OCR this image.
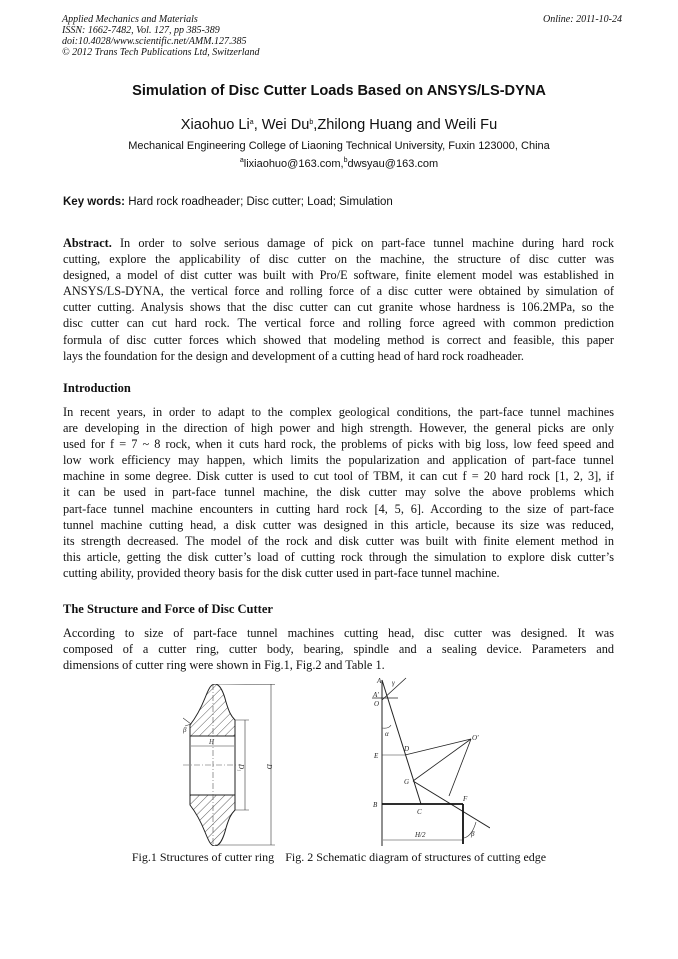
Applied Mechanics and Materials
ISSN: 1662-7482, Vol. 127, pp 385-389
doi:10.4028/www.scientific.net/AMM.127.385
© 2012 Trans Tech Publications Ltd, Switzerland
Online: 2011-10-24
Simulation of Disc Cutter Loads Based on ANSYS/LS-DYNA
Xiaohuo Li$^a$, Wei Du$^b$,Zhilong Huang and Weili Fu
Mechanical Engineering College of Liaoning Technical University, Fuxin 123000, China
$^a$lixiaohuo@163.com,$^b$dwsyau@163.com
Key words: Hard rock roadheader; Disc cutter; Load; Simulation
Abstract. In order to solve serious damage of pick on part-face tunnel machine during hard rock
cutting, explore the applicability of disc cutter on the machine, the structure of disc cutter was
designed, a model of dist cutter was built with Pro/E software, finite element model was established in
ANSYS/LS-DYNA, the vertical force and rolling force of a disc cutter were obtained by simulation of
cutter cutting. Analysis shows that the disc cutter can cut granite whose hardness is 106.2MPa, so the
disc cutter can cut hard rock. The vertical force and rolling force agreed with common prediction
formula of disc cutter forces which showed that modeling method is correct and feasible, this paper
lays the foundation for the design and development of a cutting head of hard rock roadheader.
Introduction
In recent years, in order to adapt to the complex geological conditions, the part-face tunnel machines
are developing in the direction of high power and high strength. However, the general picks are only
used for f = 7 ~ 8 rock, when it cuts hard rock, the problems of picks with big loss, low feed speed and
low work efficiency may happen, which limits the popularization and application of part-face tunnel
machine in some degree. Disk cutter is used to cut tool of TBM, it can cut f = 20 hard rock [1, 2, 3], if
it can be used in part-face tunnel machine, the disk cutter may solve the above problems which
part-face tunnel machine encounters in cutting hard rock [4, 5, 6]. According to the size of part-face
tunnel machine cutting head, a disk cutter was designed in this article, because its size was reduced,
its strength decreased. The model of the rock and disk cutter was built with finite element method in
this article, getting the disk cutter’s load of cutting rock through the simulation to explore disk cutter’s
cutting ability, provided theory basis for the disk cutter used in part-face tunnel machine.
The Structure and Force of Disc Cutter
According to size of part-face tunnel machines cutting head, disc cutter was designed. It was
composed of a cutter ring, cutter body, bearing, spindle and a sealing device. Parameters and
dimensions of cutter ring were shown in Fig.1, Fig.2 and Table 1.
H
D₁	D
β
A γ
A'
O
α	O'
D
E
G
F
B
C
H/2	β
Fig.1 Structures of cutter ring Fig. 2 Schematic diagram of structures of cutting edge
